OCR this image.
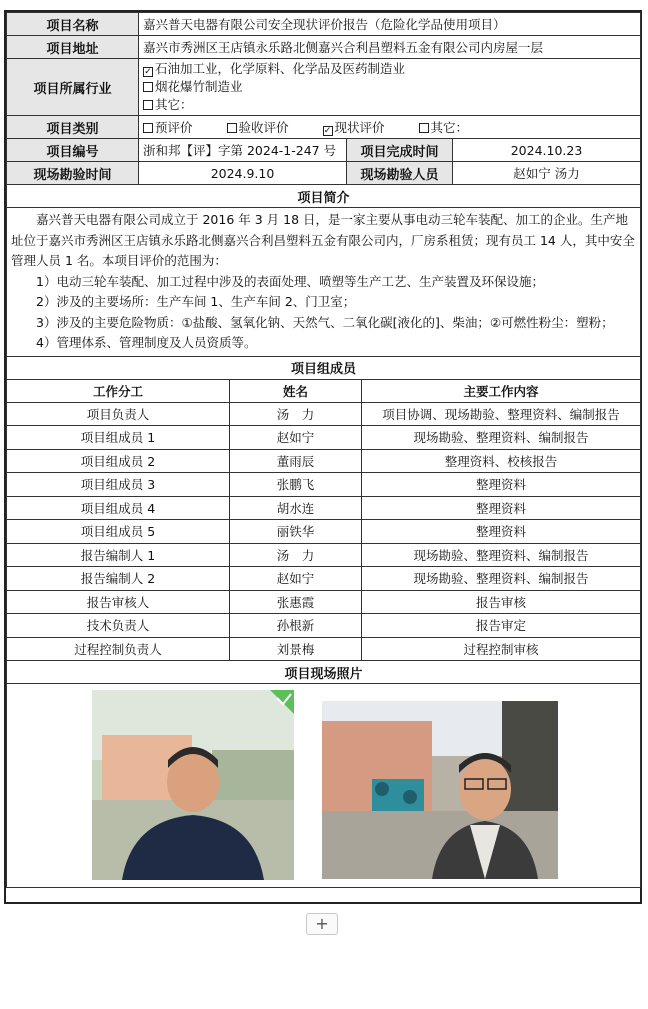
项目名称	嘉兴普天电器有限公司安全现状评价报告（危险化学品使用项目）		
项目地址	嘉兴市秀洲区王店镇永乐路北侧嘉兴合利昌塑料五金有限公司内房屋一层		
项目所属行业	✓ 石油加工业，化学原料、化学品及医药制造业
烟花爆竹制造业
其它：		

项目类别	预评价 验收评价 ✓ 现状评价 其它：		
项目编号	浙和邦【评】字第 2024-1-247 号	项目完成时间	2024.10.23
现场勘验时间	2024.9.10	现场勘验人员	赵如宁 汤力
项目简介			

嘉兴普天电器有限公司成立于 2016 年 3 月 18 日，是一家主要从事电动三轮车装配、加工的企业。生产地址位于嘉兴市秀洲区王店镇永乐路北侧嘉兴合利昌塑料五金有限公司内，厂房系租赁；现有员工 14 人，其中安全管理人员 1 名。本项目评价的范围为：

1）电动三轮车装配、加工过程中涉及的表面处理、喷塑等生产工艺、生产装置及环保设施；

2）涉及的主要场所：生产车间 1、生产车间 2、门卫室；

3）涉及的主要危险物质：①盐酸、氢氧化钠、天然气、二氧化碳[液化的]、柴油；②可燃性粉尘：塑粉；

4）管理体系、管理制度及人员资质等。			

项目组成员		
工作分工	姓名	主要工作内容
项目负责人	汤　力	项目协调、现场勘验、整理资料、编制报告
项目组成员 1	赵如宁	现场勘验、整理资料、编制报告
项目组成员 2	董雨辰	整理资料、校核报告
项目组成员 3	张鹏飞	整理资料
项目组成员 4	胡水连	整理资料
项目组成员 5	丽铁华	整理资料
报告编制人 1	汤　力	现场勘验、整理资料、编制报告
报告编制人 2	赵如宁	现场勘验、整理资料、编制报告
报告审核人	张惠霞	报告审核
技术负责人	孙根新	报告审定
过程控制负责人	刘景梅	过程控制审核
项目现场照片		

+
